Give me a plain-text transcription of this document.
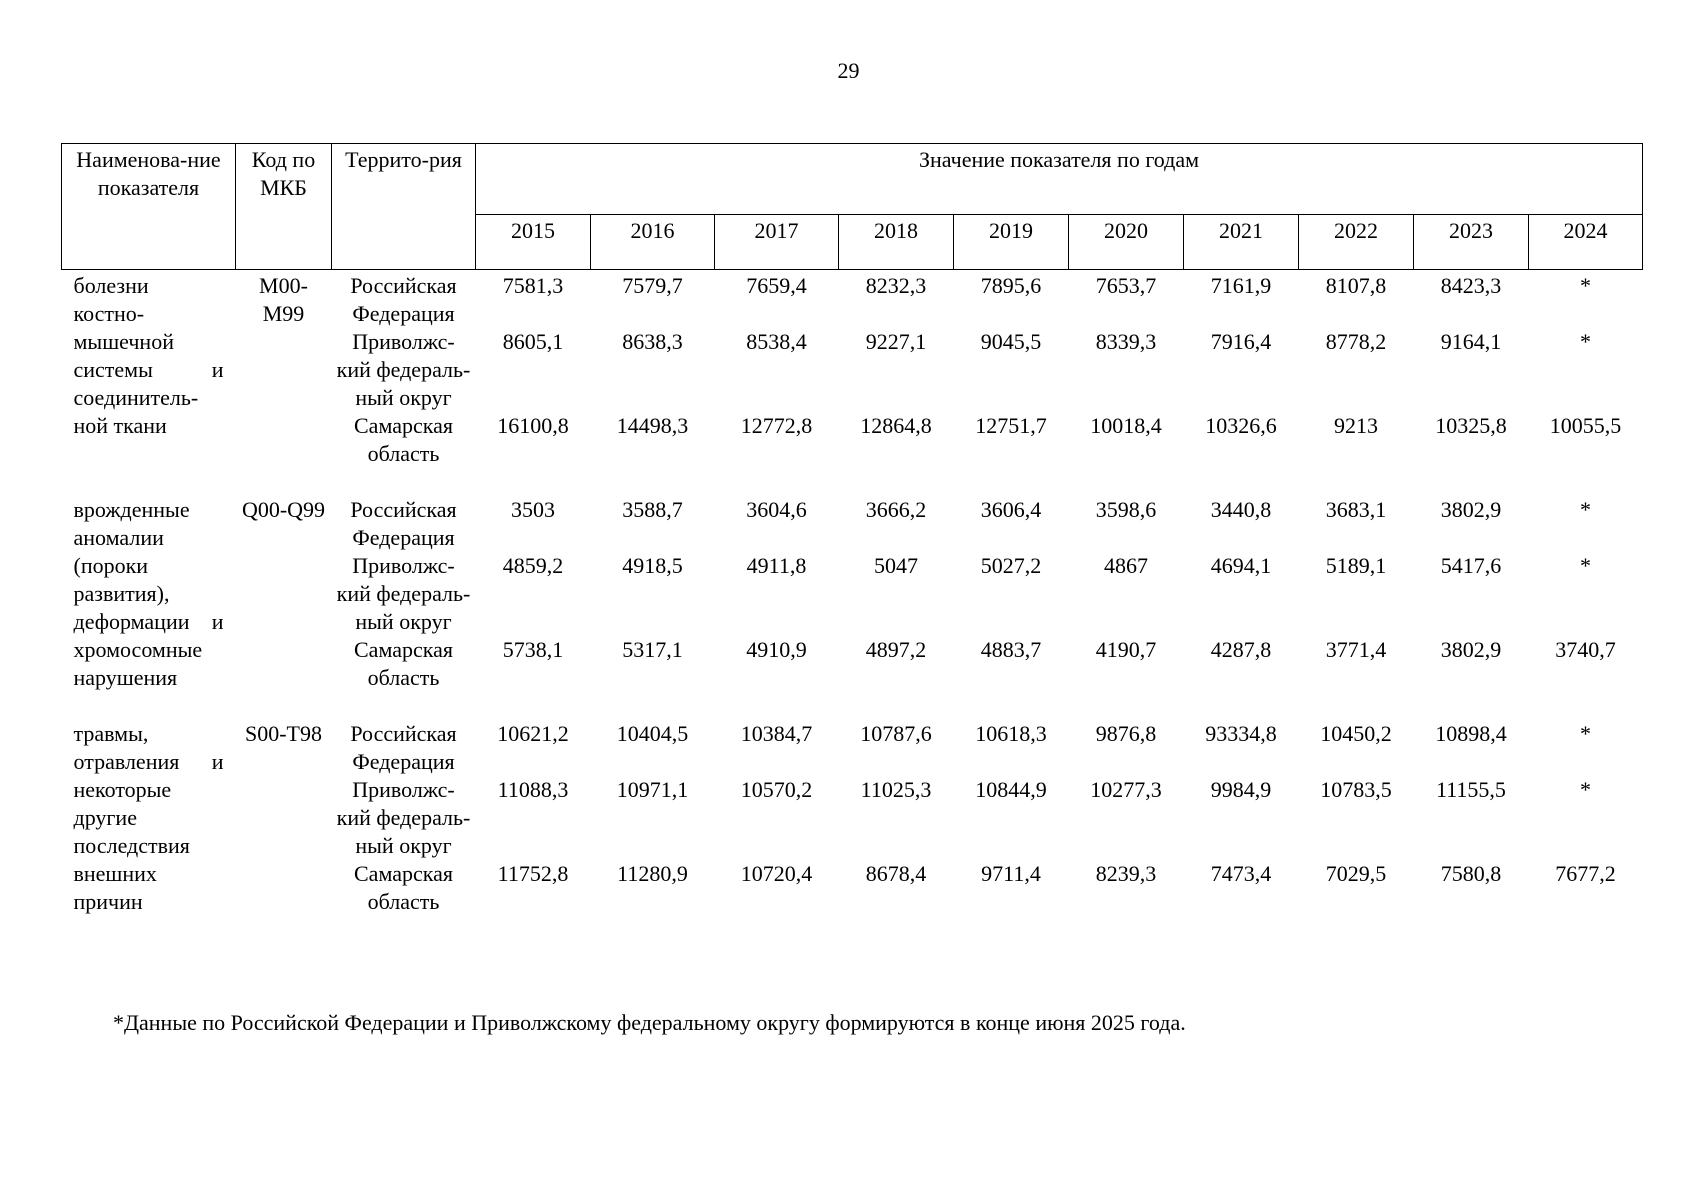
29
Наименова-ние показателя	Код по МКБ	Террито-рия	Значение показателя по годам									
			2015	2016	2017	2018	2019	2020	2021	2022	2023	2024
болезни костно-мышечной системы и соединитель-ной ткани	M00-M99	Российская Федерация	7581,3	7579,7	7659,4	8232,3	7895,6	7653,7	7161,9	8107,8	8423,3	*
		Приволжс-кий федераль-ный округ	8605,1	8638,3	8538,4	9227,1	9045,5	8339,3	7916,4	8778,2	9164,1	*
		Самарская область	16100,8	14498,3	12772,8	12864,8	12751,7	10018,4	10326,6	9213	10325,8	10055,5

врожденные аномалии (пороки развития), деформации и хромосомные нарушения	Q00-Q99	Российская Федерация	3503	3588,7	3604,6	3666,2	3606,4	3598,6	3440,8	3683,1	3802,9	*
		Приволжс-кий федераль-ный округ	4859,2	4918,5	4911,8	5047	5027,2	4867	4694,1	5189,1	5417,6	*
		Самарская область	5738,1	5317,1	4910,9	4897,2	4883,7	4190,7	4287,8	3771,4	3802,9	3740,7

травмы, отравления и некоторые другие последствия внешних причин	S00-T98	Российская Федерация	10621,2	10404,5	10384,7	10787,6	10618,3	9876,8	93334,8	10450,2	10898,4	*
		Приволжс-кий федераль-ный округ	11088,3	10971,1	10570,2	11025,3	10844,9	10277,3	9984,9	10783,5	11155,5	*
		Самарская область	11752,8	11280,9	10720,4	8678,4	9711,4	8239,3	7473,4	7029,5	7580,8	7677,2
*Данные по Российской Федерации и Приволжскому федеральному округу формируются в конце июня 2025 года.
